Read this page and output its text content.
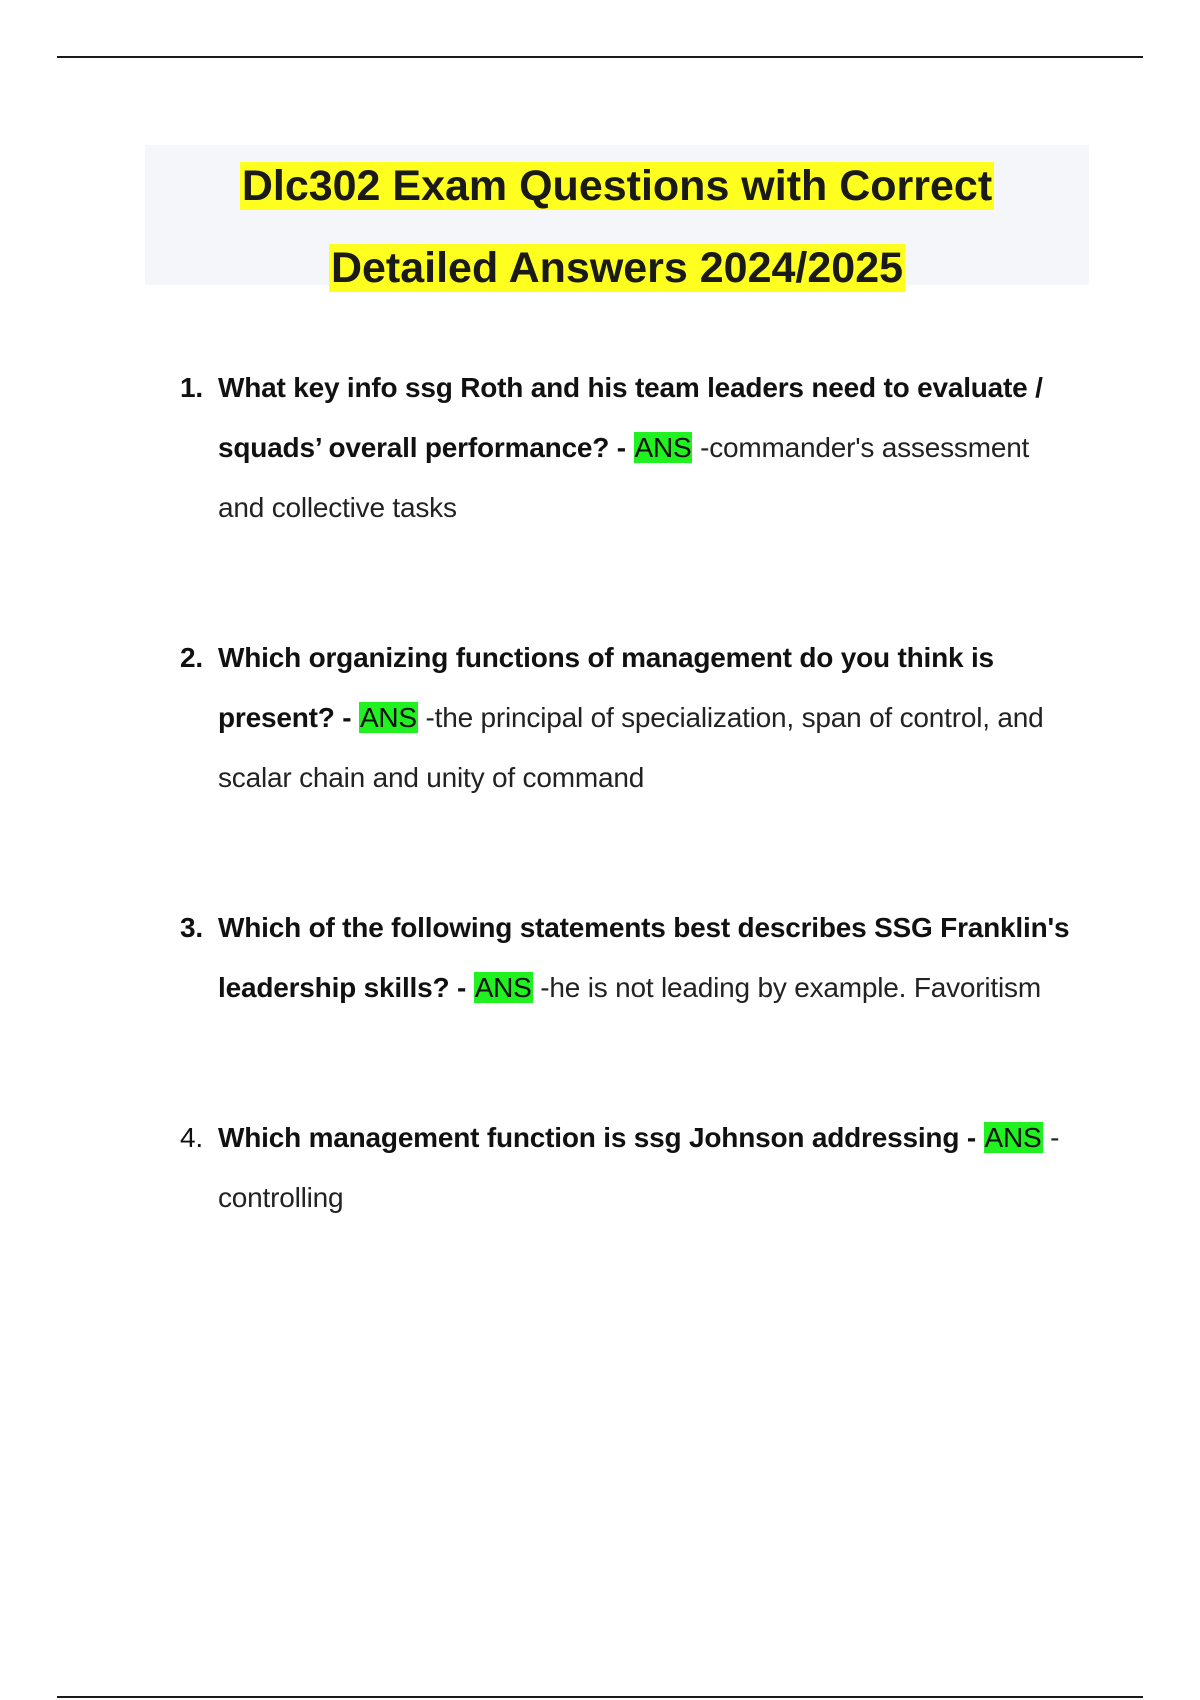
Dlc302 Exam Questions with Correct
Detailed Answers 2024/2025
1. What key info ssg Roth and his team leaders need to evaluate / squads’ overall performance? - ANS -commander's assessment and collective tasks
2. Which organizing functions of management do you think is present? - ANS -the principal of specialization, span of control, and scalar chain and unity of command
3. Which of the following statements best describes SSG Franklin's leadership skills? - ANS -he is not leading by example. Favoritism
4. Which management function is ssg Johnson addressing - ANS - controlling
